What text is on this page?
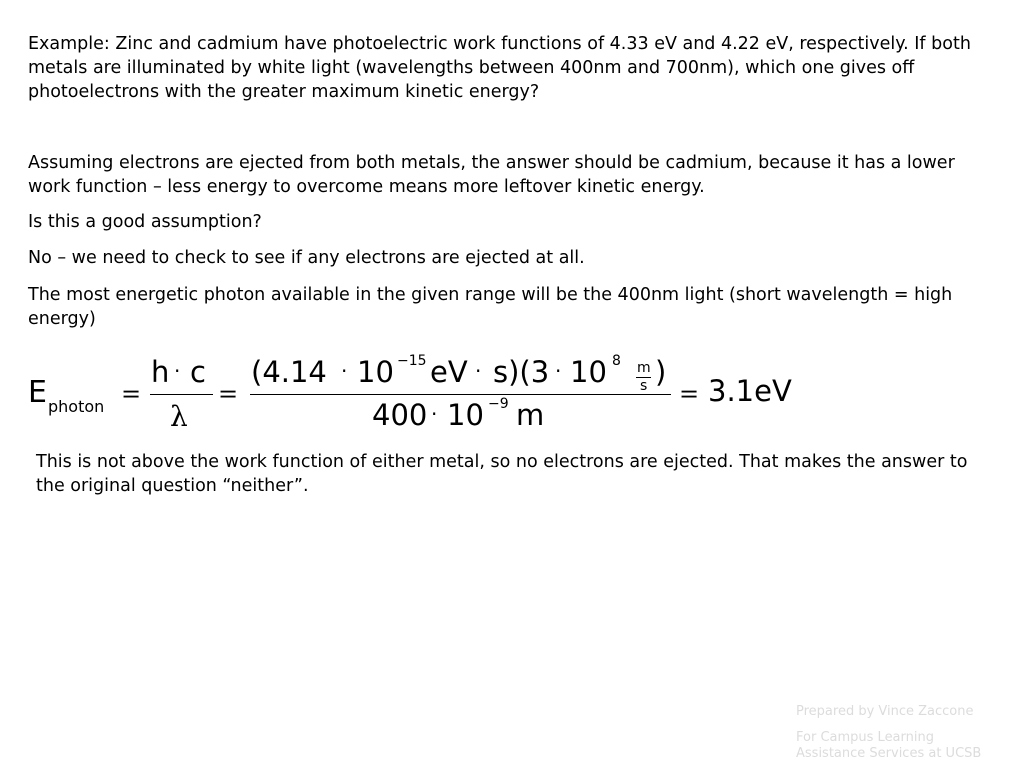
Example: Zinc and cadmium have photoelectric work functions of 4.33 eV and 4.22 eV, respectively. If both metals are illuminated by white light (wavelengths between 400nm and 700nm), which one gives off photoelectrons with the greater maximum kinetic energy?

Assuming electrons are ejected from both metals, the answer should be cadmium, because it has a lower work function – less energy to overcome means more leftover kinetic energy.

Is this a good assumption?

No – we need to check to see if any electrons are ejected at all.

The most energetic photon available in the given range will be the 400nm light (short wavelength = high energy)

E photon =
h · c
λ
=
(4.14 · 10 −15 eV · s)(3 · 10 8 m
s )
400 · 10 −9 m
= 3.1eV

This is not above the work function of either metal, so no electrons are ejected. That makes the answer to the original question “neither”.

Prepared by Vince Zaccone
For Campus Learning
Assistance Services at UCSB
